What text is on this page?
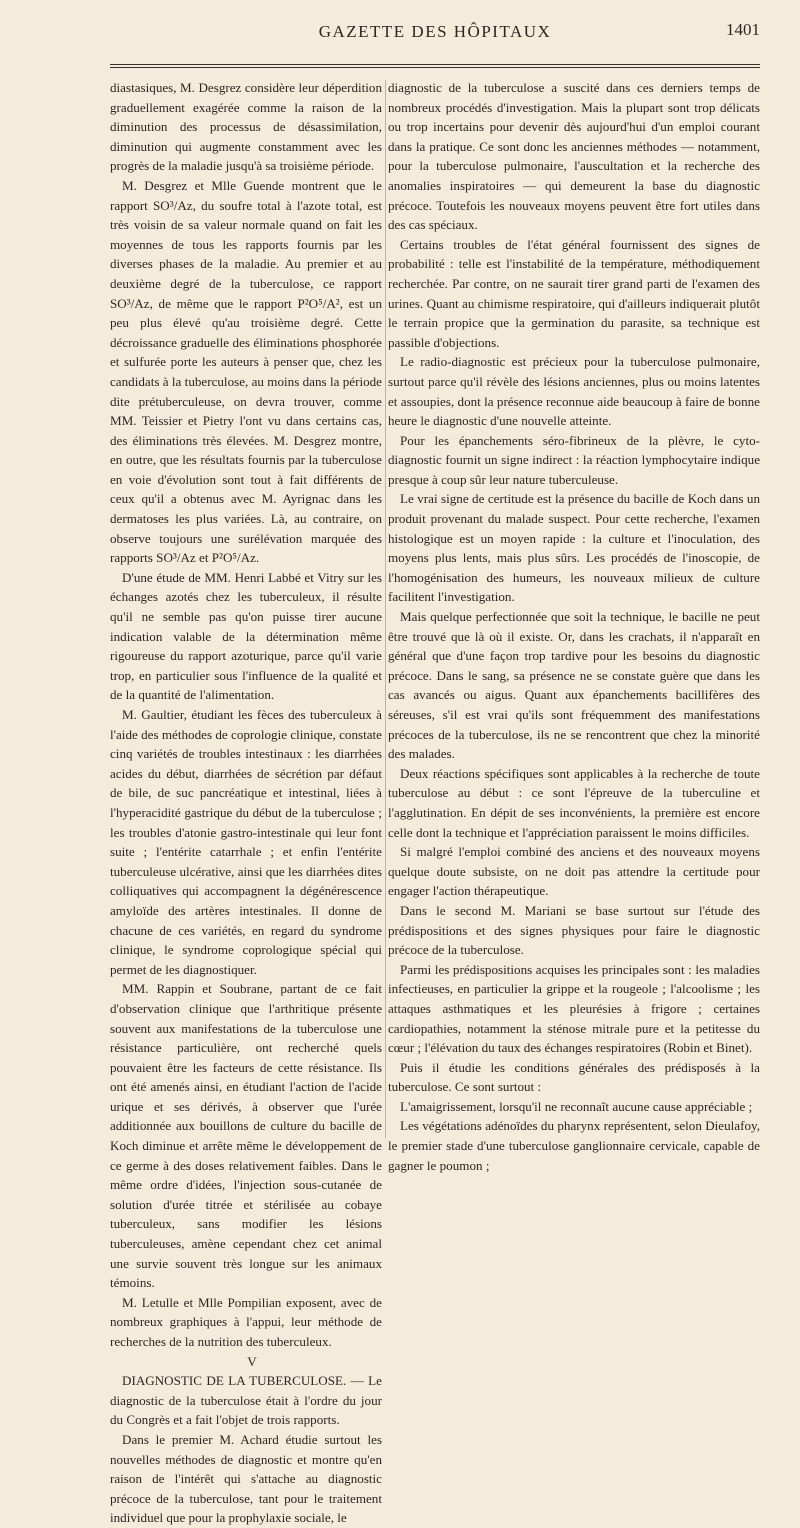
GAZETTE DES HÔPITAUX	1401

diastasiques, M. Desgrez considère leur déperdition graduellement exagérée comme la raison de la diminution des processus de désassimilation, diminution qui augmente constamment avec les progrès de la maladie jusqu'à sa troisième période.

M. Desgrez et Mlle Guende montrent que le rapport SO³/Az, du soufre total à l'azote total, est très voisin de sa valeur normale quand on fait les moyennes de tous les rapports fournis par les diverses phases de la maladie. Au premier et au deuxième degré de la tuberculose, ce rapport SO³/Az, de même que le rapport P²O⁵/A², est un peu plus élevé qu'au troisième degré. Cette décroissance graduelle des éliminations phosphorée et sulfurée porte les auteurs à penser que, chez les candidats à la tuberculose, au moins dans la période dite prétuberculeuse, on devra trouver, comme MM. Teissier et Pietry l'ont vu dans certains cas, des éliminations très élevées. M. Desgrez montre, en outre, que les résultats fournis par la tuberculose en voie d'évolution sont tout à fait différents de ceux qu'il a obtenus avec M. Ayrignac dans les dermatoses les plus variées. Là, au contraire, on observe toujours une surélévation marquée des rapports SO³/Az et P²O⁵/Az.

D'une étude de MM. Henri Labbé et Vitry sur les échanges azotés chez les tuberculeux, il résulte qu'il ne semble pas qu'on puisse tirer aucune indication valable de la détermination même rigoureuse du rapport azoturique, parce qu'il varie trop, en particulier sous l'influence de la qualité et de la quantité de l'alimentation.

M. Gaultier, étudiant les fèces des tuberculeux à l'aide des méthodes de coprologie clinique, constate cinq variétés de troubles intestinaux : les diarrhées acides du début, diarrhées de sécrétion par défaut de bile, de suc pancréatique et intestinal, liées à l'hyperacidité gastrique du début de la tuberculose ; les troubles d'atonie gastro-intestinale qui leur font suite ; l'entérite catarrhale ; et enfin l'entérite tuberculeuse ulcérative, ainsi que les diarrhées dites colliquatives qui accompagnent la dégénérescence amyloïde des artères intestinales. Il donne de chacune de ces variétés, en regard du syndrome clinique, le syndrome coprologique spécial qui permet de les diagnostiquer.

MM. Rappin et Soubrane, partant de ce fait d'observation clinique que l'arthritique présente souvent aux manifestations de la tuberculose une résistance particulière, ont recherché quels pouvaient être les facteurs de cette résistance. Ils ont été amenés ainsi, en étudiant l'action de l'acide urique et ses dérivés, à observer que l'urée additionnée aux bouillons de culture du bacille de Koch diminue et arrête même le développement de ce germe à des doses relativement faibles. Dans le même ordre d'idées, l'injection sous-cutanée de solution d'urée titrée et stérilisée au cobaye tuberculeux, sans modifier les lésions tuberculeuses, amène cependant chez cet animal une survie souvent très longue sur les animaux témoins.

M. Letulle et Mlle Pompilian exposent, avec de nombreux graphiques à l'appui, leur méthode de recherches de la nutrition des tuberculeux.

V

DIAGNOSTIC DE LA TUBERCULOSE. — Le diagnostic de la tuberculose était à l'ordre du jour du Congrès et a fait l'objet de trois rapports.

Dans le premier M. Achard étudie surtout les nouvelles méthodes de diagnostic et montre qu'en raison de l'intérêt qui s'attache au diagnostic précoce de la tuberculose, tant pour le traitement individuel que pour la prophylaxie sociale, le

diagnostic de la tuberculose a suscité dans ces derniers temps de nombreux procédés d'investigation. Mais la plupart sont trop délicats ou trop incertains pour devenir dès aujourd'hui d'un emploi courant dans la pratique. Ce sont donc les anciennes méthodes — notamment, pour la tuberculose pulmonaire, l'auscultation et la recherche des anomalies inspiratoires — qui demeurent la base du diagnostic précoce. Toutefois les nouveaux moyens peuvent être fort utiles dans des cas spéciaux.

Certains troubles de l'état général fournissent des signes de probabilité : telle est l'instabilité de la température, méthodiquement recherchée. Par contre, on ne saurait tirer grand parti de l'examen des urines. Quant au chimisme respiratoire, qui d'ailleurs indiquerait plutôt le terrain propice que la germination du parasite, sa technique est passible d'objections.

Le radio-diagnostic est précieux pour la tuberculose pulmonaire, surtout parce qu'il révèle des lésions anciennes, plus ou moins latentes et assoupies, dont la présence reconnue aide beaucoup à faire de bonne heure le diagnostic d'une nouvelle atteinte.

Pour les épanchements séro-fibrineux de la plèvre, le cyto-diagnostic fournit un signe indirect : la réaction lymphocytaire indique presque à coup sûr leur nature tuberculeuse.

Le vrai signe de certitude est la présence du bacille de Koch dans un produit provenant du malade suspect. Pour cette recherche, l'examen histologique est un moyen rapide : la culture et l'inoculation, des moyens plus lents, mais plus sûrs. Les procédés de l'inoscopie, de l'homogénisation des humeurs, les nouveaux milieux de culture facilitent l'investigation.

Mais quelque perfectionnée que soit la technique, le bacille ne peut être trouvé que là où il existe. Or, dans les crachats, il n'apparaît en général que d'une façon trop tardive pour les besoins du diagnostic précoce. Dans le sang, sa présence ne se constate guère que dans les cas avancés ou aigus. Quant aux épanchements bacillifères des séreuses, s'il est vrai qu'ils sont fréquemment des manifestations précoces de la tuberculose, ils ne se rencontrent que chez la minorité des malades.

Deux réactions spécifiques sont applicables à la recherche de toute tuberculose au début : ce sont l'épreuve de la tuberculine et l'agglutination. En dépit de ses inconvénients, la première est encore celle dont la technique et l'appréciation paraissent le moins difficiles.

Si malgré l'emploi combiné des anciens et des nouveaux moyens quelque doute subsiste, on ne doit pas attendre la certitude pour engager l'action thérapeutique.

Dans le second M. Mariani se base surtout sur l'étude des prédispositions et des signes physiques pour faire le diagnostic précoce de la tuberculose.

Parmi les prédispositions acquises les principales sont : les maladies infectieuses, en particulier la grippe et la rougeole ; l'alcoolisme ; les attaques asthmatiques et les pleurésies à frigore ; certaines cardiopathies, notamment la sténose mitrale pure et la petitesse du cœur ; l'élévation du taux des échanges respiratoires (Robin et Binet).

Puis il étudie les conditions générales des prédisposés à la tuberculose. Ce sont surtout :

L'amaigrissement, lorsqu'il ne reconnaît aucune cause appréciable ;

Les végétations adénoïdes du pharynx représentent, selon Dieulafoy, le premier stade d'une tuberculose ganglionnaire cervicale, capable de gagner le poumon ;
